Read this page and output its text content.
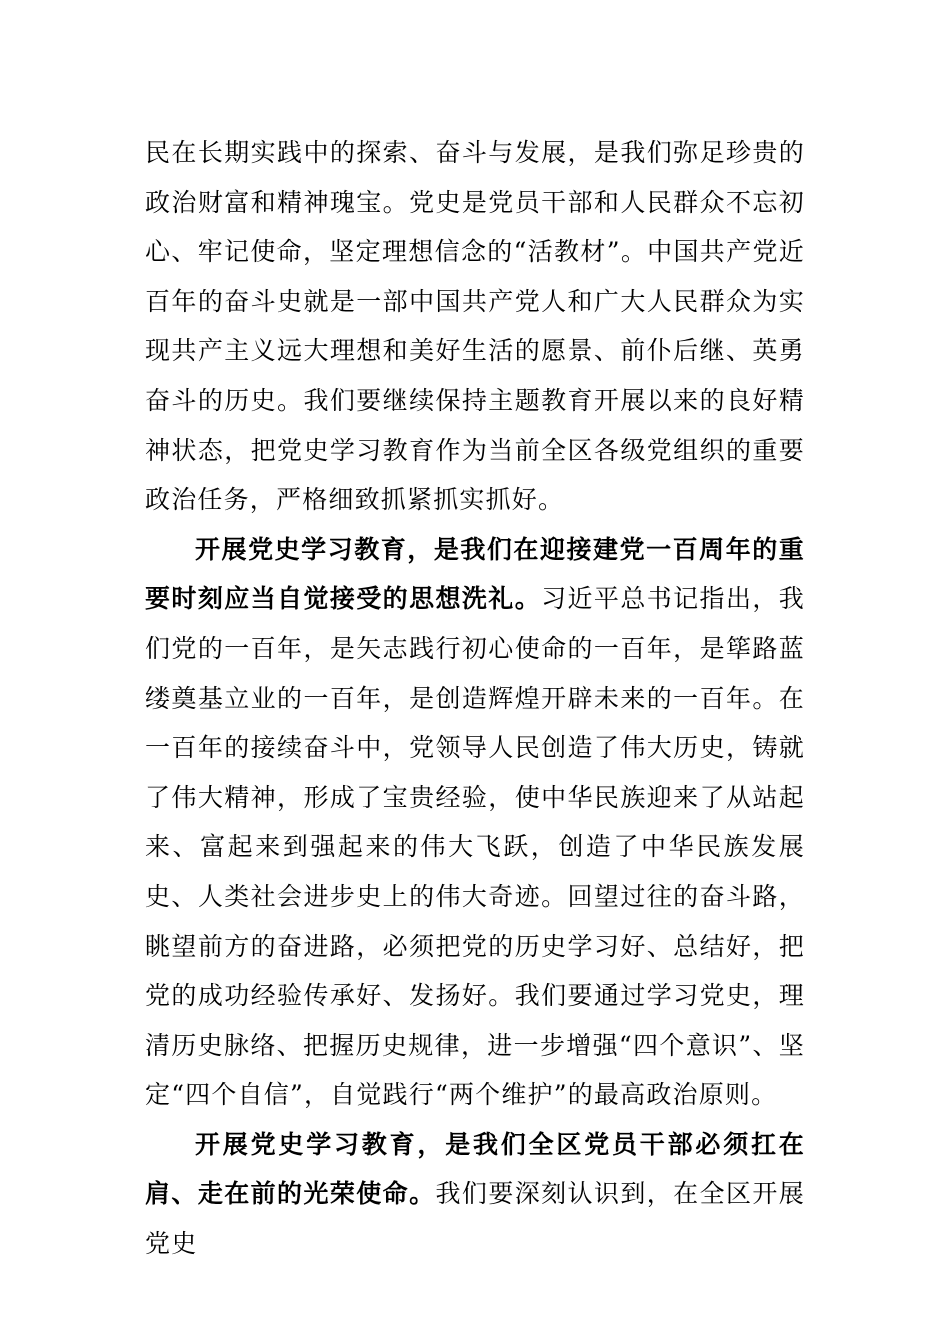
民在长期实践中的探索、奋斗与发展，是我们弥足珍贵的政治财富和精神瑰宝。党史是党员干部和人民群众不忘初心、牢记使命，坚定理想信念的“活教材”。中国共产党近百年的奋斗史就是一部中国共产党人和广大人民群众为实现共产主义远大理想和美好生活的愿景、前仆后继、英勇奋斗的历史。我们要继续保持主题教育开展以来的良好精神状态，把党史学习教育作为当前全区各级党组织的重要政治任务，严格细致抓紧抓实抓好。

开展党史学习教育，是我们在迎接建党一百周年的重要时刻应当自觉接受的思想洗礼。习近平总书记指出，我们党的一百年，是矢志践行初心使命的一百年，是筚路蓝缕奠基立业的一百年，是创造辉煌开辟未来的一百年。在一百年的接续奋斗中，党领导人民创造了伟大历史，铸就了伟大精神，形成了宝贵经验，使中华民族迎来了从站起来、富起来到强起来的伟大飞跃，创造了中华民族发展史、人类社会进步史上的伟大奇迹。回望过往的奋斗路，眺望前方的奋进路，必须把党的历史学习好、总结好，把党的成功经验传承好、发扬好。我们要通过学习党史，理清历史脉络、把握历史规律，进一步增强“四个意识”、坚定“四个自信”，自觉践行“两个维护”的最高政治原则。

开展党史学习教育，是我们全区党员干部必须扛在肩、走在前的光荣使命。我们要深刻认识到，在全区开展党史
